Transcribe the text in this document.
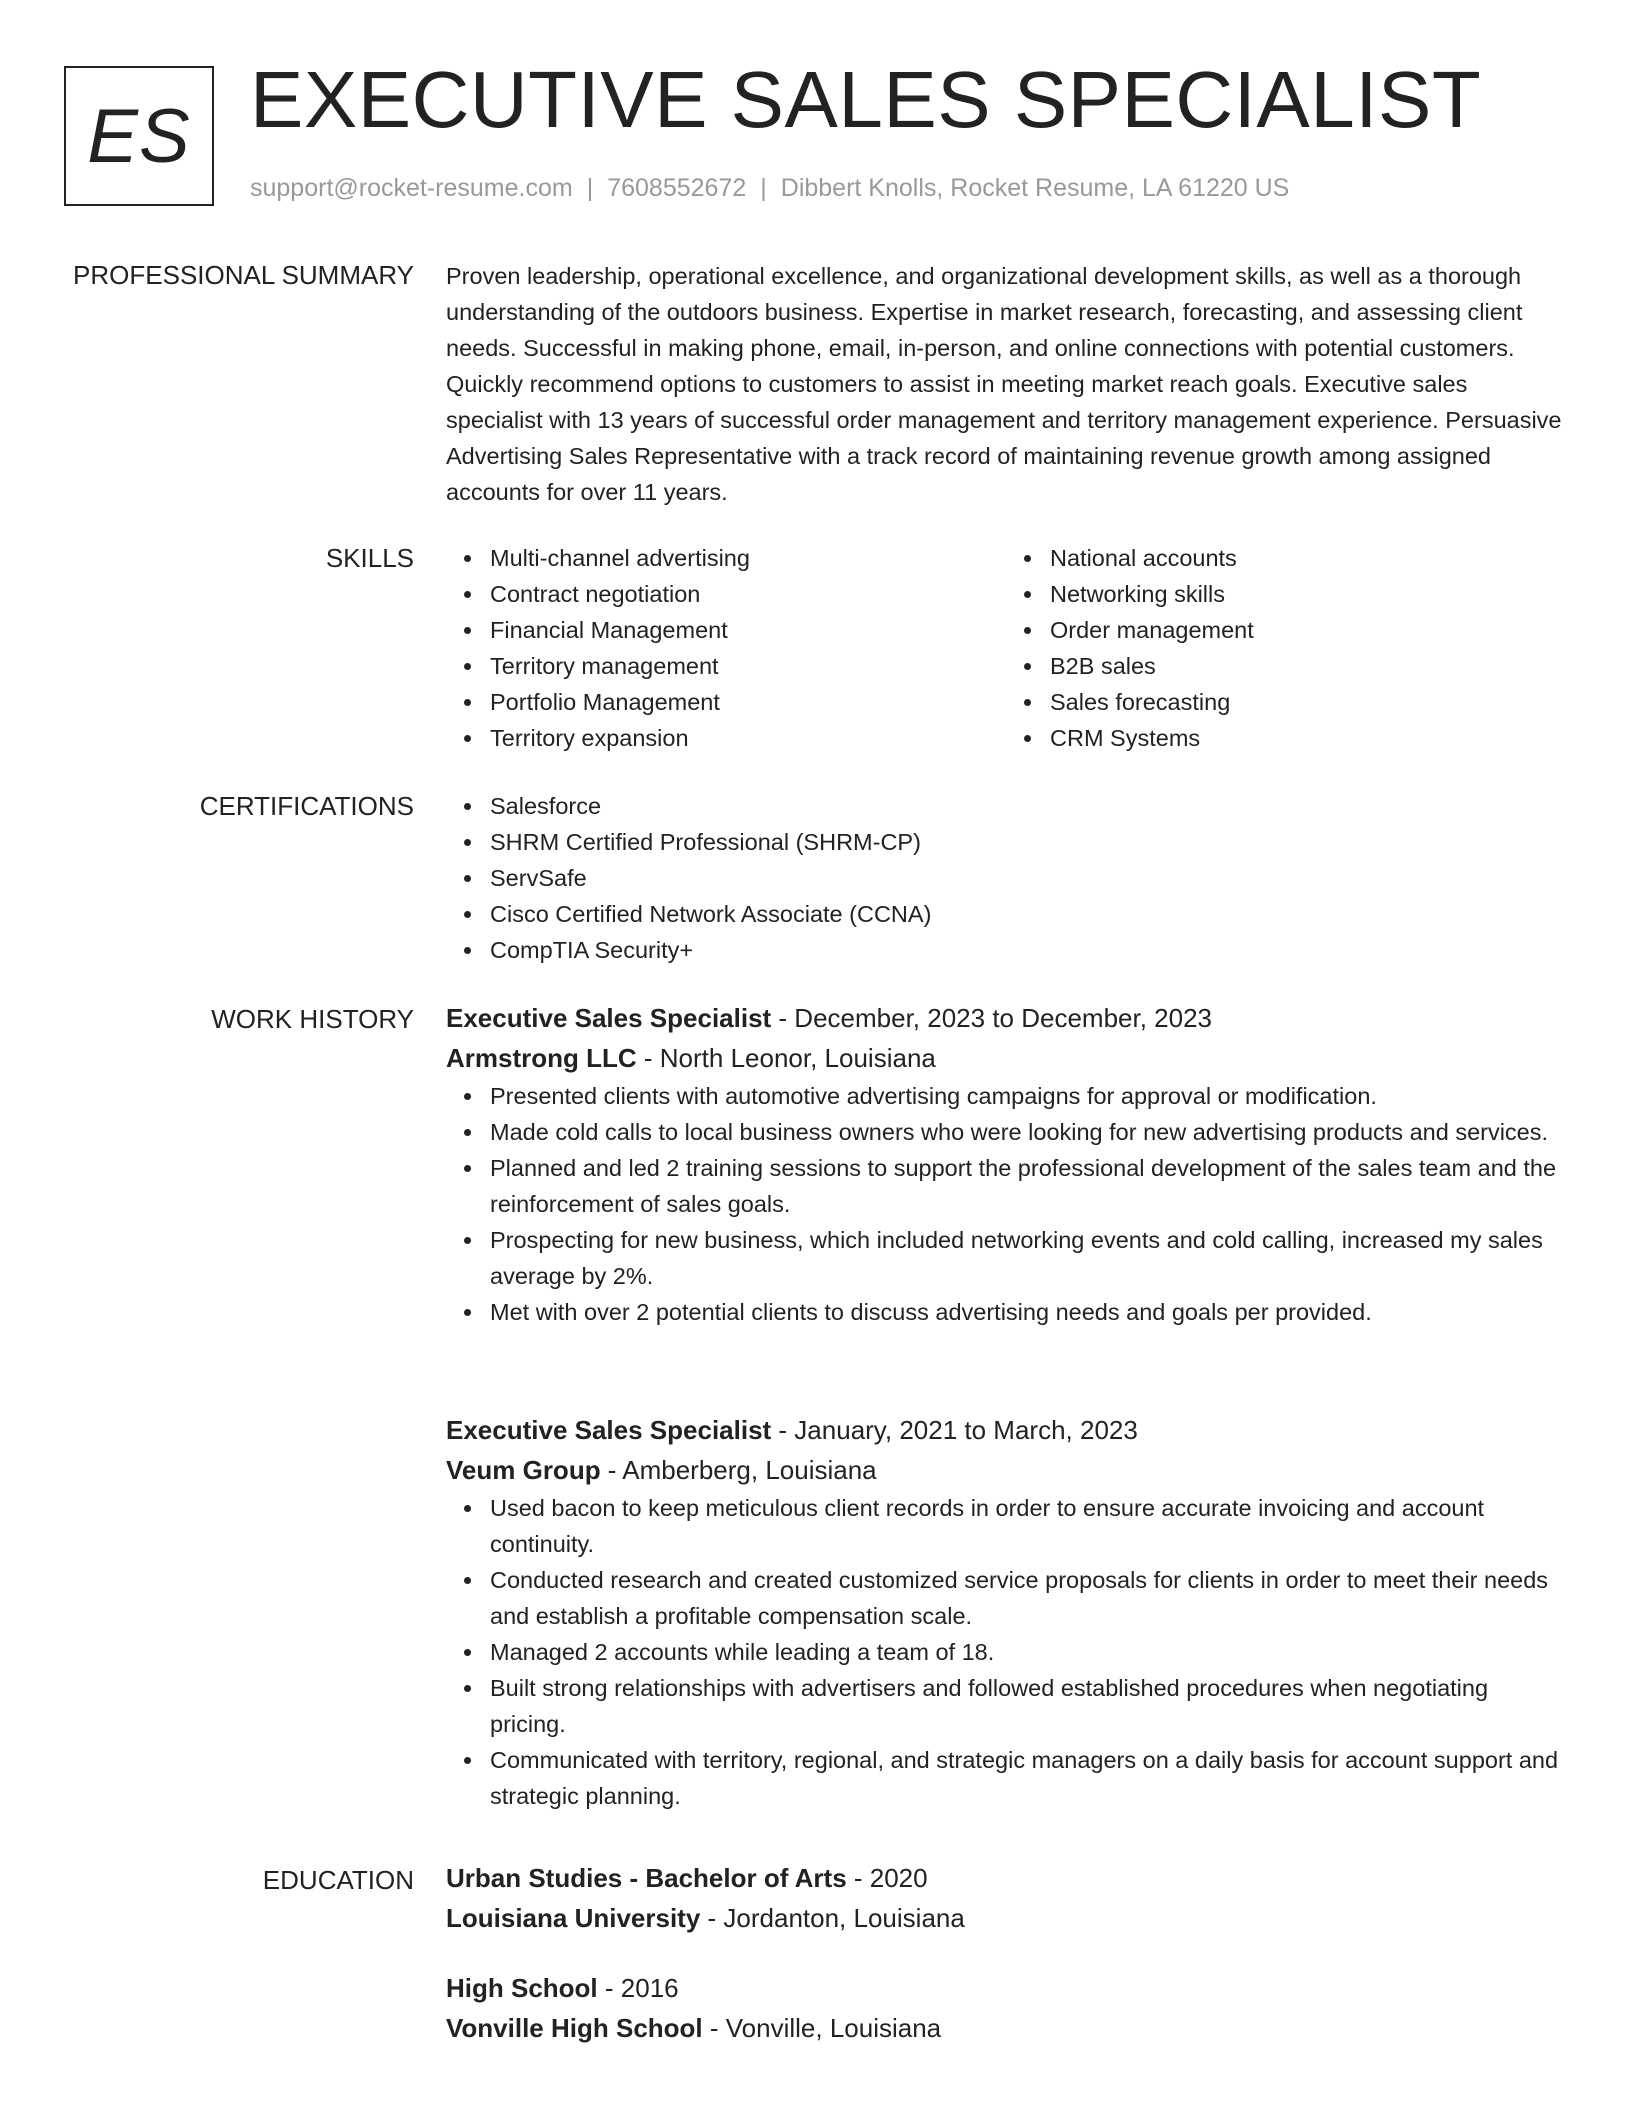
ES EXECUTIVE SALES SPECIALIST
support@rocket-resume.com | 7608552672 | Dibbert Knolls, Rocket Resume, LA 61220 US
PROFESSIONAL SUMMARY Proven leadership, operational excellence, and organizational development skills, as well as a thorough understanding of the outdoors business. Expertise in market research, forecasting, and assessing client needs. Successful in making phone, email, in-person, and online connections with potential customers. Quickly recommend options to customers to assist in meeting market reach goals. Executive sales specialist with 13 years of successful order management and territory management experience. Persuasive Advertising Sales Representative with a track record of maintaining revenue growth among assigned accounts for over 11 years.

SKILLS	Multi-channel advertising
Contract negotiation
Financial Management
Territory management
Portfolio Management
Territory expansion
National accounts
Networking skills
Order management
B2B sales
Sales forecasting
CRM Systems
CERTIFICATIONS	Salesforce
SHRM Certified Professional (SHRM-CP)
ServSafe
Cisco Certified Network Associate (CCNA)
CompTIA Security+
WORK HISTORY Executive Sales Specialist - December, 2023 to December, 2023
Armstrong LLC - North Leonor, Louisiana
Presented clients with automotive advertising campaigns for approval or modification.
Made cold calls to local business owners who were looking for new advertising products and services.
Planned and led 2 training sessions to support the professional development of the sales team and the reinforcement of sales goals.
Prospecting for new business, which included networking events and cold calling, increased my sales average by 2%.
Met with over 2 potential clients to discuss advertising needs and goals per provided.
Executive Sales Specialist - January, 2021 to March, 2023
Veum Group - Amberberg, Louisiana
Used bacon to keep meticulous client records in order to ensure accurate invoicing and account continuity.
Conducted research and created customized service proposals for clients in order to meet their needs and establish a profitable compensation scale.
Managed 2 accounts while leading a team of 18.
Built strong relationships with advertisers and followed established procedures when negotiating pricing.
Communicated with territory, regional, and strategic managers on a daily basis for account support and strategic planning.
EDUCATION Urban Studies - Bachelor of Arts - 2020
Louisiana University - Jordanton, Louisiana
High School - 2016
Vonville High School - Vonville, Louisiana
